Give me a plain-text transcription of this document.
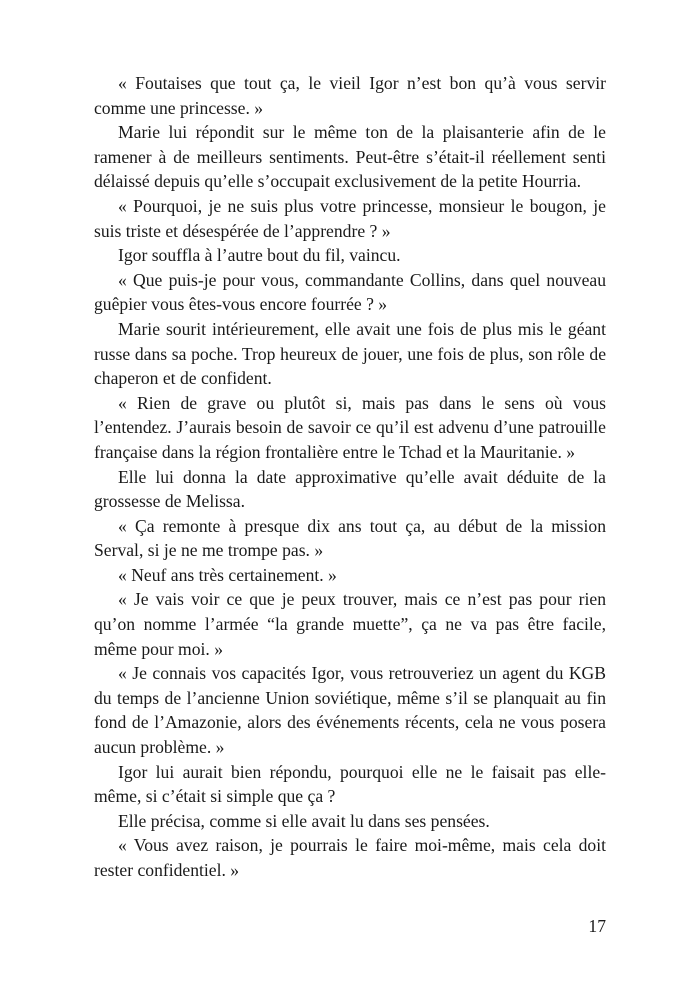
« Foutaises que tout ça, le vieil Igor n’est bon qu’à vous servir comme une princesse. »

Marie lui répondit sur le même ton de la plaisanterie afin de le ramener à de meilleurs sentiments. Peut-être s’était-il réellement senti délaissé depuis qu’elle s’occupait exclusivement de la petite Hourria.

« Pourquoi, je ne suis plus votre princesse, monsieur le bougon, je suis triste et désespérée de l’apprendre ? »

Igor souffla à l’autre bout du fil, vaincu.

« Que puis-je pour vous, commandante Collins, dans quel nouveau guêpier vous êtes-vous encore fourrée ? »

Marie sourit intérieurement, elle avait une fois de plus mis le géant russe dans sa poche. Trop heureux de jouer, une fois de plus, son rôle de chaperon et de confident.

« Rien de grave ou plutôt si, mais pas dans le sens où vous l’entendez. J’aurais besoin de savoir ce qu’il est advenu d’une patrouille française dans la région frontalière entre le Tchad et la Mauritanie. »

Elle lui donna la date approximative qu’elle avait déduite de la grossesse de Melissa.

« Ça remonte à presque dix ans tout ça, au début de la mission Serval, si je ne me trompe pas. »

« Neuf ans très certainement. »

« Je vais voir ce que je peux trouver, mais ce n’est pas pour rien qu’on nomme l’armée “la grande muette”, ça ne va pas être facile, même pour moi. »

« Je connais vos capacités Igor, vous retrouveriez un agent du KGB du temps de l’ancienne Union soviétique, même s’il se planquait au fin fond de l’Amazonie, alors des événements récents, cela ne vous posera aucun problème. »

Igor lui aurait bien répondu, pourquoi elle ne le faisait pas elle-même, si c’était si simple que ça ?

Elle précisa, comme si elle avait lu dans ses pensées.

« Vous avez raison, je pourrais le faire moi-même, mais cela doit rester confidentiel. »

17
